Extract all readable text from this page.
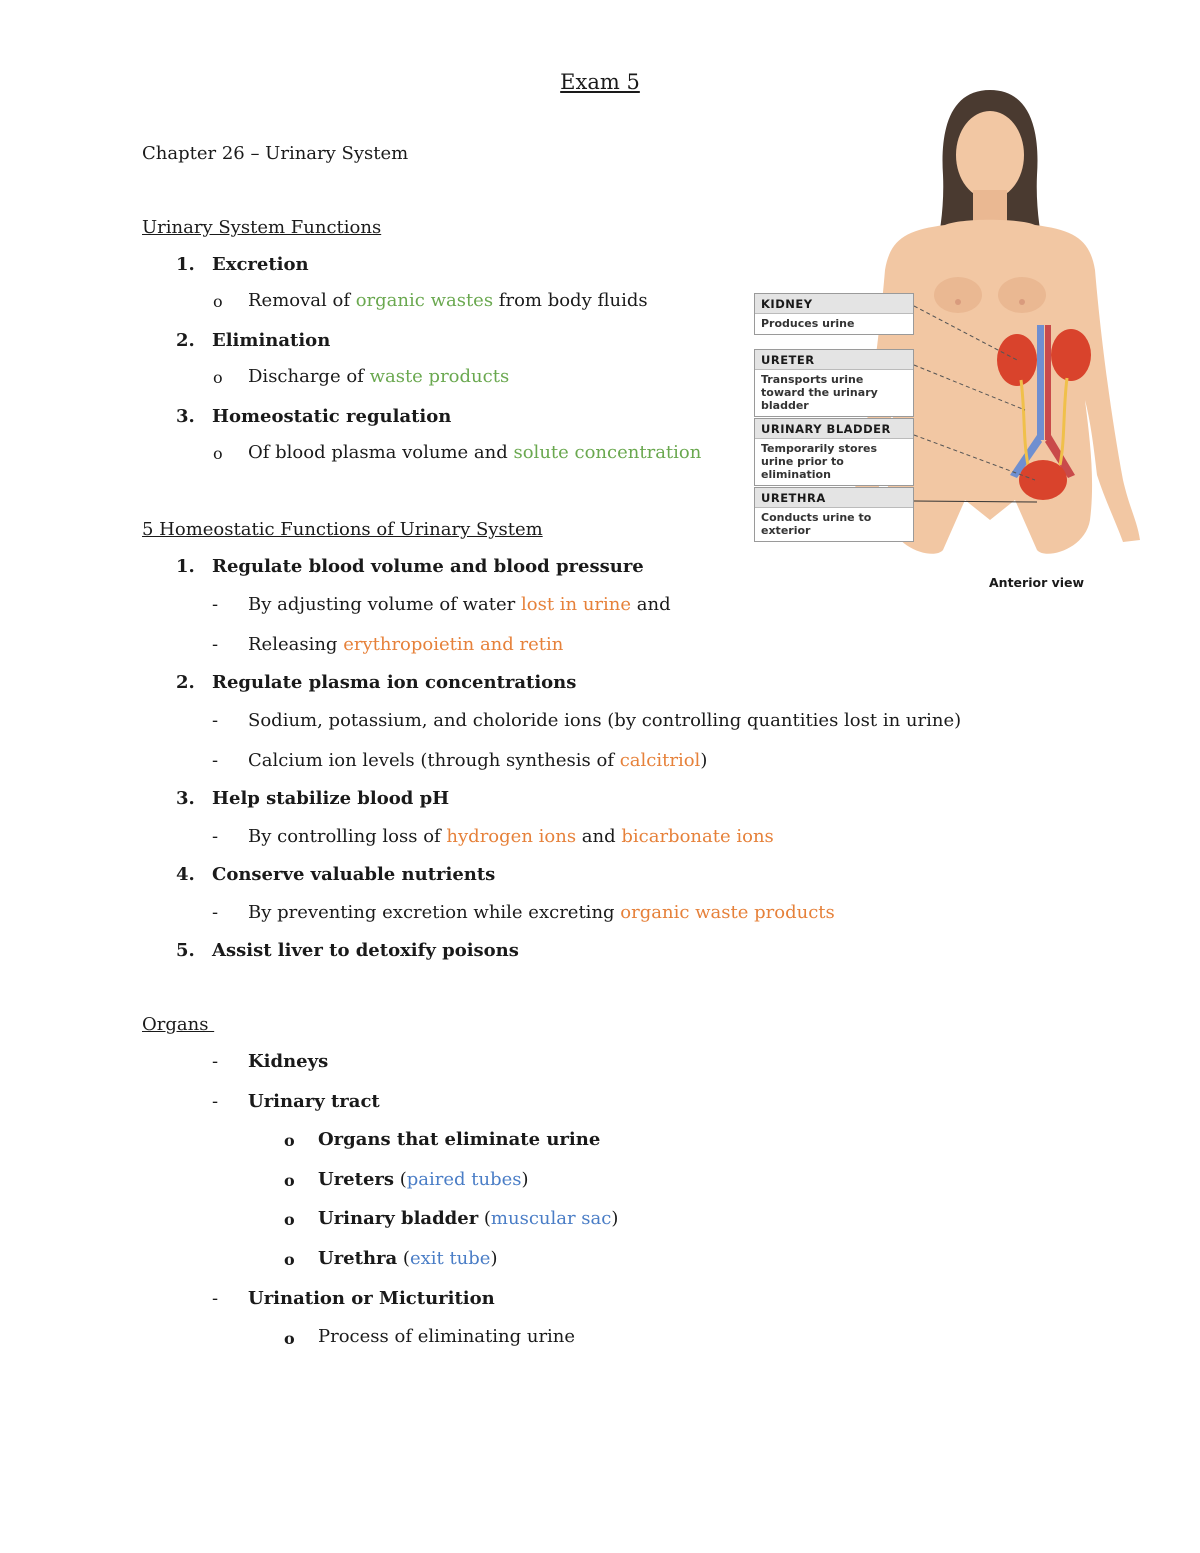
Exam 5
Chapter 26 – Urinary System
Urinary System Functions
1. Excretion
o Removal of organic wastes from body fluids
2. Elimination
o Discharge of waste products
3. Homeostatic regulation
o Of blood plasma volume and solute concentration
5 Homeostatic Functions of Urinary System
1. Regulate blood volume and blood pressure
- By adjusting volume of water lost in urine and
- Releasing erythropoietin and retin
2. Regulate plasma ion concentrations
- Sodium, potassium, and choloride ions (by controlling quantities lost in urine)
- Calcium ion levels (through synthesis of calcitriol)
3. Help stabilize blood pH
- By controlling loss of hydrogen ions and bicarbonate ions
4. Conserve valuable nutrients
- By preventing excretion while excreting organic waste products
5. Assist liver to detoxify poisons
Organs
- Kidneys
- Urinary tract
o Organs that eliminate urine
o Ureters (paired tubes)
o Urinary bladder (muscular sac)
o Urethra (exit tube)
- Urination or Micturition
o Process of eliminating urine
KIDNEY
Produces urine
URETER
Transports urine toward the urinary bladder
URINARY BLADDER
Temporarily stores urine prior to elimination
URETHRA
Conducts urine to exterior
Anterior view
